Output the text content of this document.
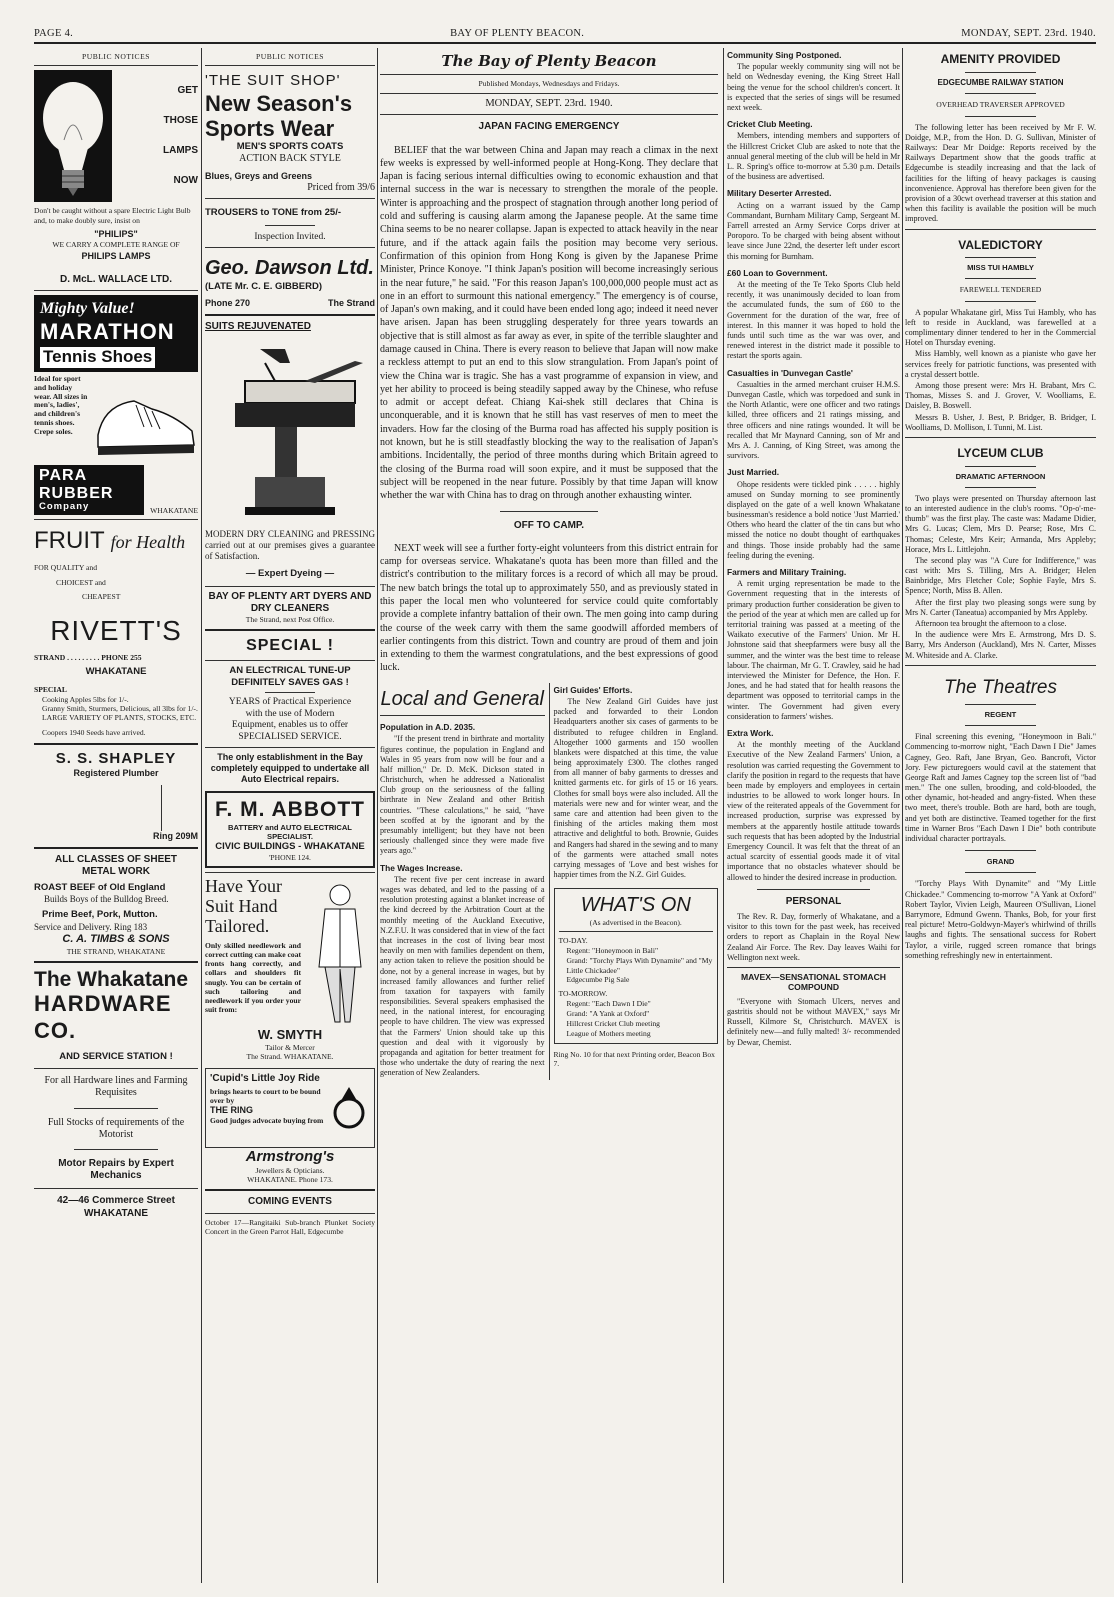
PAGE 4.	BAY OF PLENTY BEACON.	MONDAY, SEPT. 23rd. 1940.
PUBLIC NOTICES
GET
THOSE
LAMPS
NOW

Don't be caught without a spare Electric Light Bulb and, to make doubly sure, insist on

"PHILIPS"
WE CARRY A COMPLETE RANGE OF
PHILIPS LAMPS
D. McL. WALLACE LTD.
Mighty Value!
MARATHON
Tennis Shoes
Ideal for sport and holiday wear. All sizes in men's, ladies', and children's tennis shoes. Crepe soles.
PARA RUBBER
Company	WHAKATANE
FRUIT for Health
FOR QUALITY and
CHOICEST and
CHEAPEST
RIVETT'S
STRAND . . . . . . . . . PHONE 255
WHAKATANE
SPECIAL
Cooking Apples 5lbs for 1/-.
Granny Smith, Sturmers, Delicious, all 3lbs for 1/-.
LARGE VARIETY OF PLANTS, STOCKS, ETC.
Coopers 1940 Seeds have arrived.
S. S. SHAPLEY
Registered Plumber
Ring 209M
ALL CLASSES OF SHEET
METAL WORK
ROAST BEEF of Old England
Builds Boys of the Bulldog Breed.
Prime Beef, Pork, Mutton.
Service and Delivery. Ring 183
C. A. TIMBS & SONS
THE STRAND, WHAKATANE
The Whakatane
HARDWARE CO.
AND SERVICE STATION !
For all Hardware lines and Farming Requisites
Full Stocks of requirements of the Motorist
Motor Repairs by Expert Mechanics
42—46 Commerce Street
WHAKATANE
PUBLIC NOTICES
'THE SUIT SHOP'
New Season's
Sports Wear
MEN'S SPORTS COATS
ACTION BACK STYLE
Blues, Greys and Greens
Priced from 39/6
TROUSERS to TONE from 25/-
Inspection Invited.
Geo. Dawson Ltd.
(LATE Mr. C. E. GIBBERD)
Phone 270	The Strand
SUITS REJUVENATED

MODERN DRY CLEANING and PRESSING carried out at our premises gives a guarantee of Satisfaction.

— Expert Dyeing —
BAY OF PLENTY ART DYERS AND DRY CLEANERS
The Strand, next Post Office.
SPECIAL !
AN ELECTRICAL TUNE-UP DEFINITELY SAVES GAS !
YEARS of Practical Experience with the use of Modern Equipment, enables us to offer SPECIALISED SERVICE.
The only establishment in the Bay completely equipped to undertake all Auto Electrical repairs.
F. M. ABBOTT
BATTERY and AUTO ELECTRICAL SPECIALIST.
CIVIC BUILDINGS - WHAKATANE
'PHONE 124.
Have Your Suit Hand Tailored.

Only skilled needlework and correct cutting can make coat fronts hang correctly, and collars and shoulders fit snugly. You can be certain of such tailoring and needlework if you order your suit from:

W. SMYTH
Tailor & Mercer
The Strand. WHAKATANE.
'Cupid's Little Joy Ride
brings hearts to court to be bound over by
THE RING
Good judges advocate buying from
Armstrong's
Jewellers & Opticians.
WHAKATANE. Phone 173.
COMING EVENTS

October 17—Rangitaiki Sub-branch Plunket Society Concert in the Green Parrot Hall, Edgecumbe

The Bay of Plenty Beacon
Published Mondays, Wednesdays and Fridays.
MONDAY, SEPT. 23rd. 1940.
JAPAN FACING EMERGENCY

BELIEF that the war between China and Japan may reach a climax in the next few weeks is expressed by well-informed people at Hong-Kong. They declare that Japan is facing serious internal difficulties owing to economic exhaustion and that internal success in the war is necessary to strengthen the morale of the people. Winter is approaching and the prospect of stagnation through another long period of cold and suffering is causing alarm among the Japanese people. At the same time China seems to be no nearer collapse. Japan is expected to attack heavily in the near future, and if the attack again fails the position may become very serious. Confirmation of this opinion from Hong Kong is given by the Japanese Prime Minister, Prince Konoye. "I think Japan's position will become increasingly serious in the near future," he said. "For this reason Japan's 100,000,000 people must act as one in an effort to surmount this national emergency." The emergency is of course, of Japan's own making, and it could have been ended long ago; indeed it need never have arisen. Japan has been struggling desperately for three years towards an objective that is still almost as far away as ever, in spite of the terrible slaughter and damage caused in China. There is every reason to believe that Japan will now make a reckless attempt to put an end to this slow strangulation. From Japan's point of view the China war is tragic. She has a vast programme of expansion in view, and yet her ability to proceed is being steadily sapped away by the Chinese, who refuse to admit or accept defeat. Chiang Kai-shek still declares that China is unconquerable, and it is known that he still has vast reserves of men to meet the invaders. How far the closing of the Burma road has affected his supply position is not known, but he is still steadfastly blocking the way to the realisation of Japan's ambitions. Incidentally, the period of three months during which Britain agreed to the closing of the Burma road will soon expire, and it must be supposed that the subject will be reopened in the near future. Possibly by that time Japan will know whether the war with China has to drag on through another exhausting winter.

OFF TO CAMP.

NEXT week will see a further forty-eight volunteers from this district entrain for camp for overseas service. Whakatane's quota has been more than filled and the district's contribution to the military forces is a record of which all may be proud. The new batch brings the total up to approximately 550, and as previously stated in this paper the local men who volunteered for service could quite comfortably provide a complete infantry battalion of their own. The men going into camp during the course of the week carry with them the same goodwill afforded members of earlier contingents from this district. Town and country are proud of them and join in extending to them the warmest congratulations, and the best expressions of good luck.

Local and General
Population in A.D. 2035.

"If the present trend in birthrate and mortality figures continue, the population in England and Wales in 95 years from now will be four and a half million," Dr. D. McK. Dickson stated in Christchurch, when he addressed a Nationalist Club group on the seriousness of the falling birthrate in New Zealand and other British countries. "These calculations," he said, "have been scoffed at by the ignorant and by the presumably intelligent; but they have not been seriously challenged since they were made five years ago."

The Wages Increase.

The recent five per cent increase in award wages was debated, and led to the passing of a resolution protesting against a blanket increase of the kind decreed by the Arbitration Court at the monthly meeting of the Auckland Executive, N.Z.F.U. It was considered that in view of the fact that increases in the cost of living bear most heavily on men with families dependent on them, any action taken to relieve the position should be done, not by a general increase in wages, but by increased family allowances and further relief from taxation for taxpayers with family responsibilities. Several speakers emphasised the need, in the national interest, for encouraging people to have children. The view was expressed that the Farmers' Union should take up this question and deal with it vigorously by propaganda and agitation for better treatment for those who undertake the duty of rearing the next generation of New Zealanders.

Girl Guides' Efforts.

The New Zealand Girl Guides have just packed and forwarded to their London Headquarters another six cases of garments to be distributed to refugee children in England. Altogether 1000 garments and 150 woollen blankets were dispatched at this time, the value being approximately £300. The clothes ranged from all manner of baby garments to dresses and knitted garments etc. for girls of 15 or 16 years. Clothes for small boys were also included. All the materials were new and for winter wear, and the same care and attention had been given to the finishing of the articles making them most attractive and delightful to both. Brownie, Guides and Rangers had shared in the sewing and to many of the garments were attached small notes carrying messages of 'Love and best wishes for happier times from the N.Z. Girl Guides.

WHAT'S ON
(As advertised in the Beacon).
TO-DAY.
Regent: "Honeymoon in Bali"
Grand: "Torchy Plays With Dynamite" and "My Little Chickadee"
Edgecumbe Pig Sale
TO-MORROW.
Regent: "Each Dawn I Die"
Grand: "A Yank at Oxford"
Hillcrest Cricket Club meeting
League of Mothers meeting
Ring No. 10 for that next Printing order, Beacon Box 7.
Community Sing Postponed.

The popular weekly community sing will not be held on Wednesday evening, the King Street Hall being the venue for the school children's concert. It is expected that the series of sings will be resumed next week.

Cricket Club Meeting.

Members, intending members and supporters of the Hillcrest Cricket Club are asked to note that the annual general meeting of the club will be held in Mr L. R. Spring's office to-morrow at 5.30 p.m. Details of the business are advertised.

Military Deserter Arrested.

Acting on a warrant issued by the Camp Commandant, Burnham Military Camp, Sergeant M. Farrell arrested an Army Service Corps driver at Poroporo. To be charged with being absent without leave since June 22nd, the deserter left under escort this morning for Burnham.

£60 Loan to Government.

At the meeting of the Te Teko Sports Club held recently, it was unanimously decided to loan from the accumulated funds, the sum of £60 to the Government for the duration of the war, free of interest. In this manner it was hoped to hold the funds until such time as the war was over, and renewed interest in the district made it possible to restart the sports again.

Casualties in 'Dunvegan Castle'

Casualties in the armed merchant cruiser H.M.S. Dunvegan Castle, which was torpedoed and sunk in the North Atlantic, were one officer and two ratings killed, three officers and 21 ratings missing, and three officers and nine ratings wounded. It will be recalled that Mr Maynard Canning, son of Mr and Mrs A. J. Canning, of King Street, was among the survivors.

Just Married.

Ohope residents were tickled pink . . . . . highly amused on Sunday morning to see prominently displayed on the gate of a well known Whakatane businessman's residence a bold notice 'Just Married.' Others who heard the clatter of the tin cans but who missed the notice no doubt thought of earthquakes and things. Those inside probably had the same feeling during the evening.

Farmers and Military Training.

A remit urging representation be made to the Government requesting that in the interests of primary production further consideration be given to the period of the year at which men are called up for territorial training was passed at a meeting of the Waikato executive of the Farmers' Union. Mr H. Johnstone said that sheepfarmers were busy all the summer, and the winter was the best time to release labour. The chairman, Mr G. T. Crawley, said he had interviewed the Minister for Defence, the Hon. F. Jones, and he had stated that for health reasons the department was opposed to territorial camps in the winter. The Government had given every consideration to farmers' wishes.

Extra Work.

At the monthly meeting of the Auckland Executive of the New Zealand Farmers' Union, a resolution was carried requesting the Government to clarify the position in regard to the requests that have been made by employers and employees in certain industries to be allowed to work longer hours. In view of the reiterated appeals of the Government for increased production, surprise was expressed by members at the apparently hostile attitude towards such requests that has been adopted by the Industrial Emergency Council. It was felt that the threat of an actual scarcity of essential goods made it of vital importance that no obstacles whatever should be allowed to hinder the desired increase in production.

PERSONAL

The Rev. R. Day, formerly of Whakatane, and a visitor to this town for the past week, has received orders to report as Chaplain in the Royal New Zealand Air Force. The Rev. Day leaves Waihi for Wellington next week.

MAVEX—SENSATIONAL STOMACH COMPOUND

"Everyone with Stomach Ulcers, nerves and gastritis should not be without MAVEX," says Mr Russell, Kilmore St, Christchurch. MAVEX is definitely new—and fully malted! 3/- recommended by Dewar, Chemist.

AMENITY PROVIDED
EDGECUMBE RAILWAY STATION
OVERHEAD TRAVERSER APPROVED

The following letter has been received by Mr F. W. Doidge, M.P., from the Hon. D. G. Sullivan, Minister of Railways: Dear Mr Doidge: Reports received by the Railways Department show that the goods traffic at Edgecumbe is steadily increasing and that the lack of facilities for the lifting of heavy packages is causing inconvenience. Approval has therefore been given for the provision of a 30cwt overhead traverser at this station and when this facility is available the position will be much improved.

VALEDICTORY
MISS TUI HAMBLY
FAREWELL TENDERED

A popular Whakatane girl, Miss Tui Hambly, who has left to reside in Auckland, was farewelled at a complimentary dinner tendered to her in the Commercial Hotel on Thursday evening.

Miss Hambly, well known as a pianiste who gave her services freely for patriotic functions, was presented with a crystal dessert bottle.

Among those present were: Mrs H. Brabant, Mrs C. Thomas, Misses S. and J. Grover, V. Woolliams, E. Daisley, B. Boswell.

Messrs B. Usher, J. Best, P. Bridger, B. Bridger, I. Woolliams, D. Mollison, I. Tunni, M. List.

LYCEUM CLUB
DRAMATIC AFTERNOON

Two plays were presented on Thursday afternoon last to an interested audience in the club's rooms. "Op-o'-me-thumb" was the first play. The caste was: Madame Didier, Mrs G. Lucas; Clem, Mrs D. Pearse; Rose, Mrs C. Thomas; Celeste, Mrs Keir; Armanda, Mrs Appleby; Horace, Mrs L. Littlejohn.

The second play was "A Cure for Indifference," was cast with: Mrs S. Tilling, Mrs A. Bridger; Helen Bainbridge, Mrs Fletcher Cole; Sophie Fayle, Mrs S. Spence; North, Miss B. Allen.

After the first play two pleasing songs were sung by Mrs N. Carter (Taneatua) accompanied by Mrs Appleby.

Afternoon tea brought the afternoon to a close.

In the audience were Mrs E. Armstrong, Mrs D. S. Barry, Mrs Anderson (Auckland), Mrs N. Carter, Misses M. Whiteside and A. Clarke.

The Theatres
REGENT

Final screening this evening, "Honeymoon in Bali." Commencing to-morrow night, "Each Dawn I Die" James Cagney, Geo. Raft, Jane Bryan, Geo. Bancroft, Victor Jory. Few picturegoers would cavil at the statement that George Raft and James Cagney top the screen list of "bad men." The one sullen, brooding, and cold-blooded, the other dynamic, hot-headed and angry-fisted. When these two meet, there's trouble. Both are hard, both are tough, and yet both are distinctive. Teamed together for the first time in Warner Bros "Each Dawn I Die" both contribute individual character portrayals.

GRAND

"Torchy Plays With Dynamite" and "My Little Chickadee." Commencing to-morrow "A Yank at Oxford" Robert Taylor, Vivien Leigh, Maureen O'Sullivan, Lionel Barrymore, Edmund Gwenn. Thanks, Bob, for your first real picture! Metro-Goldwyn-Mayer's whirlwind of thrills laughs and fights. The sensational success for Robert Taylor, a virile, rugged screen romance that brings something refreshingly new in entertainment.
